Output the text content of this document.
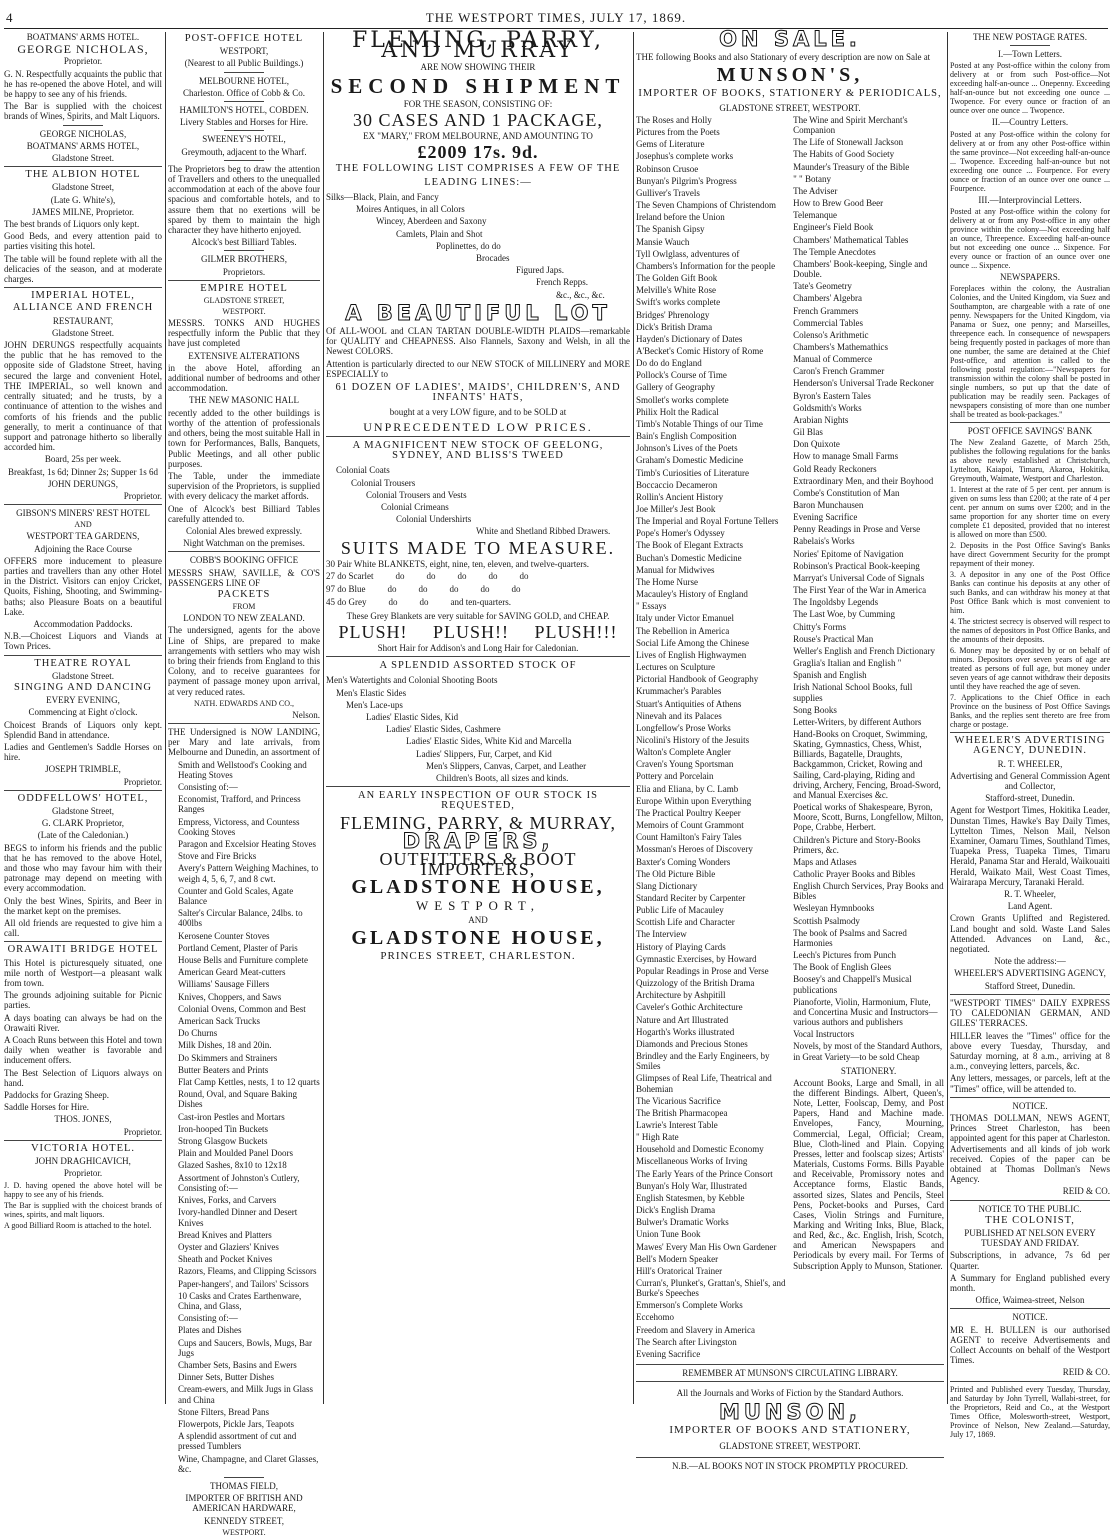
4	THE WESTPORT TIMES, JULY 17, 1869.

BOATMANS' ARMS HOTEL.

GEORGE NICHOLAS,

Proprietor.

G. N. Respectfully acquaints the public that he has re-opened the above Hotel, and will be happy to see any of his friends.

The Bar is supplied with the choicest brands of Wines, Spirits, and Malt Liquors.

GEORGE NICHOLAS,

BOATMANS' ARMS HOTEL,

Gladstone Street.

THE ALBION HOTEL

Gladstone Street,

(Late G. White's),

JAMES MILNE, Proprietor.

The best brands of Liquors only kept.

Good Beds, and every attention paid to parties visiting this hotel.

The table will be found replete with all the delicacies of the season, and at moderate charges.

IMPERIAL HOTEL,

ALLIANCE AND FRENCH

RESTAURANT,

Gladstone Street.

JOHN DERUNGS respectfully acquaints the public that he has removed to the opposite side of Gladstone Street, having secured the large and convenient Hotel, THE IMPERIAL, so well known and centrally situated; and he trusts, by a continuance of attention to the wishes and comforts of his friends and the public generally, to merit a continuance of that support and patronage hitherto so liberally accorded him.

Board, 25s per week.

Breakfast, 1s 6d; Dinner 2s; Supper 1s 6d

JOHN DERUNGS,

Proprietor.

GIBSON'S MINERS' REST HOTEL

AND

WESTPORT TEA GARDENS,

Adjoining the Race Course

OFFERS more inducement to pleasure parties and travellers than any other Hotel in the District. Visitors can enjoy Cricket, Quoits, Fishing, Shooting, and Swimming-baths; also Pleasure Boats on a beautiful Lake.

Accommodation Paddocks.

N.B.—Choicest Liquors and Viands at Town Prices.

THEATRE ROYAL

Gladstone Street.

SINGING AND DANCING

EVERY EVENING,

Commencing at Eight o'clock.

Choicest Brands of Liquors only kept. Splendid Band in attendance.

Ladies and Gentlemen's Saddle Horses on hire.

JOSEPH TRIMBLE,

Proprietor.

ODDFELLOWS' HOTEL,

Gladstone Street,

G. CLARK Proprietor,

(Late of the Caledonian.)

BEGS to inform his friends and the public that he has removed to the above Hotel, and those who may favour him with their patronage may depend on meeting with every accommodation.

Only the best Wines, Spirits, and Beer in the market kept on the premises.

All old friends are requested to give him a call.

ORAWAITI BRIDGE HOTEL

This Hotel is picturesquely situated, one mile north of Westport—a pleasant walk from town.

The grounds adjoining suitable for Picnic parties.

A days boating can always be had on the Orawaiti River.

A Coach Runs between this Hotel and town daily when weather is favorable and inducement offers.

The Best Selection of Liquors always on hand.

Paddocks for Grazing Sheep.

Saddle Horses for Hire.

THOS. JONES,

Proprietor.

VICTORIA HOTEL.

JOHN DRAGHICAVICH,

Proprietor.

J. D. having opened the above hotel will be happy to see any of his friends.

The Bar is supplied with the choicest brands of wines, spirits, and malt liquors.

A good Billiard Room is attached to the hotel.

POST-OFFICE HOTEL

WESTPORT,

(Nearest to all Public Buildings.)

MELBOURNE HOTEL,

Charleston. Office of Cobb & Co.

HAMILTON'S HOTEL, COBDEN.

Livery Stables and Horses for Hire.

SWEENEY'S HOTEL,

Greymouth, adjacent to the Wharf.

The Proprietors beg to draw the attention of Travellers and others to the unequalled accommodation at each of the above four spacious and comfortable hotels, and to assure them that no exertions will be spared by them to maintain the high character they have hitherto enjoyed.

Alcock's best Billiard Tables.

GILMER BROTHERS,

Proprietors.

EMPIRE HOTEL

GLADSTONE STREET,

WESTPORT.

MESSRS. TONKS AND HUGHES respectfully inform the Public that they have just completed

EXTENSIVE ALTERATIONS

in the above Hotel, affording an additional number of bedrooms and other accommodation.

THE NEW MASONIC HALL

recently added to the other buildings is worthy of the attention of professionals and others, being the most suitable Hall in town for Performances, Balls, Banquets, Public Meetings, and all other public purposes.

The Table, under the immediate supervision of the Proprietors, is supplied with every delicacy the market affords.

One of Alcock's best Billiard Tables carefully attended to.

Colonial Ales brewed expressly.

Night Watchman on the premises.

COBB'S BOOKING OFFICE

MESSRS SHAW, SAVILLE, & CO'S PASSENGERS LINE OF

PACKETS

FROM

LONDON TO NEW ZEALAND.

The undersigned, agents for the above Line of Ships, are prepared to make arrangements with settlers who may wish to bring their friends from England to this Colony, and to receive guarantees for payment of passage money upon arrival, at very reduced rates.

NATH. EDWARDS AND CO.,

Nelson.

THE Undersigned is NOW LANDING, per Mary and late arrivals, from Melbourne and Dunedin, an assortment of

Smith and Wellstood's Cooking and Heating Stoves

Consisting of:—

Economist, Trafford, and Princess Ranges

Empress, Victoress, and Countess Cooking Stoves

Paragon and Excelsior Heating Stoves

Stove and Fire Bricks

Avery's Pattern Weighing Machines, to weigh 4, 5, 6, 7, and 8 cwt.

Counter and Gold Scales, Agate Balance

Salter's Circular Balance, 24lbs. to 400lbs

Kerosene Counter Stoves

Portland Cement, Plaster of Paris

House Bells and Furniture complete

American Geard Meat-cutters

Williams' Sausage Fillers

Knives, Choppers, and Saws

Colonial Ovens, Common and Best

American Sack Trucks

Do Churns

Milk Dishes, 18 and 20in.

Do Skimmers and Strainers

Butter Beaters and Prints

Flat Camp Kettles, nests, 1 to 12 quarts

Round, Oval, and Square Baking Dishes

Cast-iron Pestles and Mortars

Iron-hooped Tin Buckets

Strong Glasgow Buckets

Plain and Moulded Panel Doors

Glazed Sashes, 8x10 to 12x18

Assortment of Johnston's Cutlery, Consisting of:—

Knives, Forks, and Carvers

Ivory-handled Dinner and Desert Knives

Bread Knives and Platters

Oyster and Glaziers' Knives

Sheath and Pocket Knives

Razors, Fleams, and Clipping Scissors

Paper-hangers', and Tailors' Scissors

10 Casks and Crates Earthenware, China, and Glass,

Consisting of:—

Plates and Dishes

Cups and Saucers, Bowls, Mugs, Bar Jugs

Chamber Sets, Basins and Ewers

Dinner Sets, Butter Dishes

Cream-ewers, and Milk Jugs in Glass and China

Stone Filters, Bread Pans

Flowerpots, Pickle Jars, Teapots

A splendid assortment of cut and pressed Tumblers

Wine, Champagne, and Claret Glasses, &c.

THOMAS FIELD,

IMPORTER OF BRITISH AND AMERICAN HARDWARE,

KENNEDY STREET,

WESTPORT.

FLEMING, PARRY, AND MURRAY

ARE NOW SHOWING THEIR

SECOND SHIPMENT

FOR THE SEASON, CONSISTING OF:

30 CASES AND 1 PACKAGE,

EX "MARY," FROM MELBOURNE, AND AMOUNTING TO

£2009 17s. 9d.

THE FOLLOWING LIST COMPRISES A FEW OF THE

LEADING LINES:—

Silks—Black, Plain, and Fancy

Moires Antiques, in all Colors

Wincey, Aberdeen and Saxony

Camlets, Plain and Shot

Poplinettes, do do

Brocades

Figured Japs.

French Repps.

&c., &c., &c.

A BEAUTIFUL LOT

Of ALL-WOOL and CLAN TARTAN DOUBLE-WIDTH PLAIDS—remarkable for QUALITY and CHEAPNESS. Also Flannels, Saxony and Welsh, in all the Newest COLORS.

Attention is particularly directed to our NEW STOCK of MILLINERY and MORE ESPECIALLY to

61 DOZEN OF LADIES', MAIDS', CHILDREN'S, AND INFANTS' HATS,

bought at a very LOW figure, and to be SOLD at

UNPRECEDENTED LOW PRICES.

A MAGNIFICENT NEW STOCK OF GEELONG, SYDNEY, AND BLISS'S TWEED

Colonial Coats

Colonial Trousers

Colonial Trousers and Vests

Colonial Crimeans

Colonial Undershirts

White and Shetland Ribbed Drawers.

SUITS MADE TO MEASURE.

30 Pair White BLANKETS, eight, nine, ten, eleven, and twelve-quarters.

27 do Scarlet do do do do do
97 do Blue do do do do do
45 do Grey do do and ten-quarters.

These Grey Blankets are very suitable for SAVING GOLD, and CHEAP.

PLUSH! PLUSH!! PLUSH!!!

Short Hair for Addison's and Long Hair for Caledonian.

A SPLENDID ASSORTED STOCK OF

Men's Watertights and Colonial Shooting Boots

Men's Elastic Sides

Men's Lace-ups

Ladies' Elastic Sides, Kid

Ladies' Elastic Sides, Cashmere

Ladies' Elastic Sides, White Kid and Marcella

Ladies' Slippers, Fur, Carpet, and Kid

Men's Slippers, Canvas, Carpet, and Leather

Children's Boots, all sizes and kinds.

AN EARLY INSPECTION OF OUR STOCK IS REQUESTED,

FLEMING, PARRY, & MURRAY,
DRAPERS,
OUTFITTERS & BOOT IMPORTERS,
GLADSTONE HOUSE,

WESTPORT,

AND

GLADSTONE HOUSE,

PRINCES STREET, CHARLESTON.

ON SALE.

THE following Books and also Stationary of every description are now on Sale at

MUNSON'S,

IMPORTER OF BOOKS, STATIONERY & PERIODICALS,

GLADSTONE STREET, WESTPORT.

The Roses and Holly

Pictures from the Poets

Gems of Literature

Josephus's complete works

Robinson Crusoe

Bunyan's Pilgrim's Progress

Gulliver's Travels

The Seven Champions of Christendom

Ireland before the Union

The Spanish Gipsy

Mansie Wauch

Tyll Owlglass, adventures of

Chambers's Information for the people

The Golden Gift Book

Melville's White Rose

Swift's works complete

Bridges' Phrenology

Dick's British Drama

Hayden's Dictionary of Dates

A'Becket's Comic History of Rome

Do do do England

Pollock's Course of Time

Gallery of Geography

Smollet's works complete

Philix Holt the Radical

Timb's Notable Things of our Time

Bain's English Composition

Johnson's Lives of the Poets

Graham's Domestic Medicine

Timb's Curiosities of Literature

Boccaccio Decameron

Rollin's Ancient History

Joe Miller's Jest Book

The Imperial and Royal Fortune Tellers

Pope's Homer's Odyssey

The Book of Elegant Extracts

Buchan's Domestic Medicine

Manual for Midwives

The Home Nurse

Macauley's History of England

" Essays

Italy under Victor Emanuel

The Rebellion in America

Social Life Among the Chinese

Lives of English Highwaymen

Lectures on Sculpture

Pictorial Handbook of Geography

Krummacher's Parables

Stuart's Antiquities of Athens

Ninevah and its Palaces

Longfellow's Prose Works

Nicolini's History of the Jesuits

Walton's Complete Angler

Craven's Young Sportsman

Pottery and Porcelain

Elia and Eliana, by C. Lamb

Europe Within upon Everything

The Practical Poultry Keeper

Memoirs of Count Grammont

Count Hamilton's Fairy Tales

Mossman's Heroes of Discovery

Baxter's Coming Wonders

The Old Picture Bible

Slang Dictionary

Standard Reciter by Carpenter

Public Life of Macauley

Scottish Life and Character

The Interview

History of Playing Cards

Gymnastic Exercises, by Howard

Popular Readings in Prose and Verse

Quizzology of the British Drama

Architecture by Ashpitill

Caveler's Gothic Architecture

Nature and Art Illustrated

Hogarth's Works illustrated

Diamonds and Precious Stones

Brindley and the Early Engineers, by Smiles

Glimpses of Real Life, Theatrical and Bohemian

The Vicarious Sacrifice

The British Pharmacopea

Lawrie's Interest Table

" High Rate

Household and Domestic Economy

Miscellaneous Works of Irving

The Early Years of the Prince Consort

Bunyan's Holy War, Illustrated

English Statesmen, by Kebble

Dick's English Drama

Bulwer's Dramatic Works

Union Tune Book

Mawes' Every Man His Own Gardener

Bell's Modern Speaker

Hill's Oratorical Trainer

Curran's, Plunket's, Grattan's, Shiel's, and Burke's Speeches

Emmerson's Complete Works

Eccehomo

Freedom and Slavery in America

The Search after Livingston

Evening Sacrifice

The Wine and Spirit Merchant's Companion

The Life of Stonewall Jackson

The Habits of Good Society

Maunder's Treasury of the Bible

" " Botany

The Adviser

How to Brew Good Beer

Telemanque

Engineer's Field Book

Chambers' Mathematical Tables

The Temple Anecdotes

Chambers' Book-keeping, Single and Double.

Tate's Geometry

Chambers' Algebra

French Grammers

Commercial Tables

Colenso's Arithmetic

Chambers's Mathemathics

Manual of Commerce

Caron's French Grammer

Henderson's Universal Trade Reckoner

Byron's Eastern Tales

Goldsmith's Works

Arabian Nights

Gil Blas

Don Quixote

How to manage Small Farms

Gold Ready Reckoners

Extraordinary Men, and their Boyhood

Combe's Constitution of Man

Baron Munchausen

Evening Sacrifice

Penny Readings in Prose and Verse

Rabelais's Works

Nories' Epitome of Navigation

Robinson's Practical Book-keeping

Marryat's Universal Code of Signals

The First Year of the War in America

The Ingoldsby Legends

The Last Woe, by Cumming

Chitty's Forms

Rouse's Practical Man

Weller's English and French Dictionary

Graglia's Italian and English "

Spanish and English

Irish National School Books, full supplies

Song Books

Letter-Writers, by different Authors

Hand-Books on Croquet, Swimming, Skating, Gymnastics, Chess, Whist, Billiards, Bagatelle, Draughts, Backgammon, Cricket, Rowing and Sailing, Card-playing, Riding and driving, Archery, Fencing, Broad-Sword, and Manual Exercises &c.

Poetical works of Shakespeare, Byron, Moore, Scott, Burns, Longfellow, Milton, Pope, Crabbe, Herbert.

Children's Picture and Story-Books Primers, &c.

Maps and Atlases

Catholic Prayer Books and Bibles

English Church Services, Pray Books and Bibles

Wesleyan Hymnbooks

Scottish Psalmody

The book of Psalms and Sacred Harmonies

Leech's Pictures from Punch

The Book of English Glees

Boosey's and Chappell's Musical publications

Pianoforte, Violin, Harmonium, Flute, and Concertina Music and Instructors—various authors and publishers

Vocal Instructors

Novels, by most of the Standard Authors, in Great Variety—to be sold Cheap

STATIONERY.

Account Books, Large and Small, in all the different Bindings. Albert, Queen's, Note, Letter, Foolscap, Demy, and Post Papers, Hand and Machine made. Envelopes, Fancy, Mourning, Commercial, Legal, Official; Cream, Blue, Cloth-lined and Plain. Copying Presses, letter and foolscap sizes; Artists' Materials, Customs Forms. Bills Payable and Receivable, Promissory notes and Acceptance forms, Elastic Bands, assorted sizes, Slates and Pencils, Steel Pens, Pocket-books and Purses, Card Cases, Violin Strings and Furniture, Marking and Writing Inks, Blue, Black, and Red, &c., &c. English, Irish, Scotch, and American Newspapers and Periodicals by every mail. For Terms of Subscription Apply to Munson, Stationer.

REMEMBER AT MUNSON'S CIRCULATING LIBRARY.

All the Journals and Works of Fiction by the Standard Authors.

MUNSON,

IMPORTER OF BOOKS AND STATIONERY,

GLADSTONE STREET, WESTPORT.

N.B.—AL BOOKS NOT IN STOCK PROMPTLY PROCURED.

THE NEW POSTAGE RATES.

I.—Town Letters.

Posted at any Post-office within the colony from delivery at or from such Post-office—Not exceeding half-an-ounce ... Onepenny. Exceeding half-an-ounce but not exceeding one ounce ... Twopence. For every ounce or fraction of an ounce over one ounce ... Twopence.

II.—Country Letters.

Posted at any Post-office within the colony for delivery at or from any other Post-office within the same province—Not exceeding half-an-ounce ... Twopence. Exceeding half-an-ounce but not exceeding one ounce ... Fourpence. For every ounce or fraction of an ounce over one ounce ... Fourpence.

III.—Interprovincial Letters.

Posted at any Post-office within the colony for delivery at or from any Post-office in any other province within the colony—Not exceeding half an ounce, Threepence. Exceeding half-an-ounce but not exceeding one ounce ... Sixpence. For every ounce or fraction of an ounce over one ounce ... Sixpence.

NEWSPAPERS.

Foreplaces within the colony, the Australian Colonies, and the United Kingdom, via Suez and Southampton, are chargeable with a rate of one penny. Newspapers for the United Kingdom, via Panama or Suez, one penny; and Marseilles, threepence each. In consequence of newspapers being frequently posted in packages of more than one number, the same are detained at the Chief Post-office, and attention is called to the following postal regulation:—"Newspapers for transmission within the colony shall be posted in single numbers, so put up that the date of publication may be readily seen. Packages of newspapers consisting of more than one number shall be treated as book-packages."

POST OFFICE SAVINGS' BANK

The New Zealand Gazette, of March 25th, publishes the following regulations for the banks as above newly established at Christchurch, Lyttelton, Kaiapoi, Timaru, Akaroa, Hokitika, Greymouth, Waimate, Westport and Charleston.

1. Interest at the rate of 5 per cent. per annum is given on sums less than £200; at the rate of 4 per cent. per annum on sums over £200; and in the same proportion for any shorter time on every complete £1 deposited, provided that no interest is allowed on more than £500.

2. Deposits in the Post Office Saving's Banks have direct Government Security for the prompt repayment of their money.

3. A depositor in any one of the Post Office Banks can continue his deposits at any other of such Banks, and can withdraw his money at that Post Office Bank which is most convenient to him.

4. The strictest secrecy is observed will respect to the names of depositors in Post Office Banks, and the amounts of their deposits.

6. Money may be deposited by or on behalf of minors. Depositors over seven years of age are treated as persons of full age, but money under seven years of age cannot withdraw their deposits until they have reached the age of seven.

7. Applications to the Chief Office in each Province on the business of Post Office Savings Banks, and the replies sent thereto are free from charge or postage.

WHEELER'S ADVERTISING AGENCY, DUNEDIN.

R. T. WHEELER,

Advertising and General Commission Agent and Collector,

Stafford-street, Dunedin.

Agent for Westport Times, Hokitika Leader, Dunstan Times, Hawke's Bay Daily Times, Lyttelton Times, Nelson Mail, Nelson Examiner, Oamaru Times, Southland Times, Tuapeka Press, Tuapeka Times, Timaru Herald, Panama Star and Herald, Waikouaiti Herald, Waikato Mail, West Coast Times, Wairarapa Mercury, Taranaki Herald.

R. T. Wheeler,

Land Agent.

Crown Grants Uplifted and Registered. Land bought and sold. Waste Land Sales Attended. Advances on Land, &c., negotiated.

Note the address:—

WHEELER'S ADVERTISING AGENCY,

Stafford Street, Dunedin.

"WESTPORT TIMES" DAILY EXPRESS TO CALEDONIAN GERMAN, AND GILES' TERRACES.

HILLER leaves the "Times" office for the above every Tuesday, Thursday, and Saturday morning, at 8 a.m., arriving at 8 a.m., conveying letters, parcels, &c.

Any letters, messages, or parcels, left at the "Times" office, will be attended to.

NOTICE.

THOMAS DOLLMAN, NEWS AGENT, Princes Street Charleston, has been appointed agent for this paper at Charleston. Advertisements and all kinds of job work received. Copies of the paper can be obtained at Thomas Dollman's News Agency.

REID & CO.

NOTICE TO THE PUBLIC.

THE COLONIST,

PUBLISHED AT NELSON EVERY TUESDAY AND FRIDAY.

Subscriptions, in advance, 7s 6d per Quarter.

A Summary for England published every month.

Office, Waimea-street, Nelson

NOTICE.

MR E. H. BULLEN is our authorised AGENT to receive Advertisements and Collect Accounts on behalf of the Westport Times.

REID & CO.

Printed and Published every Tuesday, Thursday, and Saturday by John Tyrrell, Wallabi-street, for the Proprietors, Reid and Co., at the Westport Times Office, Molesworth-street, Westport, Province of Nelson, New Zealand.—Saturday, July 17, 1869.
